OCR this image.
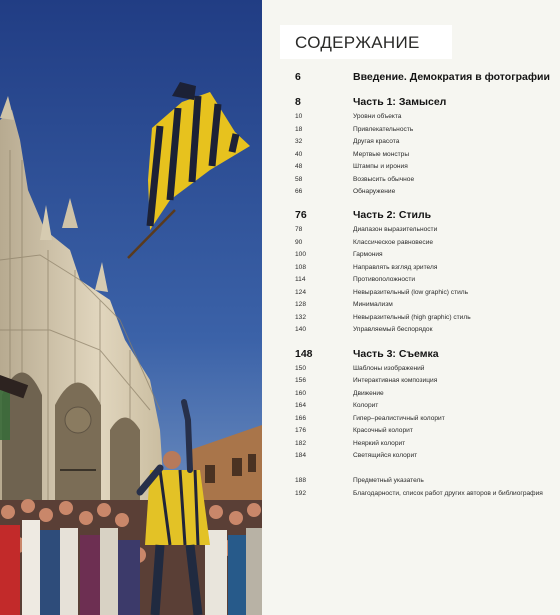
СОДЕРЖАНИЕ
6	Введение. Демократия в фотографии
8	Часть 1: Замысел
10	Уровни объекта
18	Привлекательность
32	Другая красота
40	Мертвые монстры
48	Штампы и ирония
58	Возвысить обычное
66	Обнаружение
76	Часть 2: Стиль
78	Диапазон выразительности
90	Классическое равновесие
100	Гармония
108	Направлять взгляд зрителя
114	Противоположности
124	Невыразительный (low graphic) стиль
128	Минимализм
132	Невыразительный (high graphic) стиль
140	Управляемый беспорядок
148	Часть 3: Съемка
150	Шаблоны изображений
156	Интерактивная композиция
160	Движение
164	Колорит
166	Гипер–реалистичный колорит
176	Красочный колорит
182	Неяркий колорит
184	Светящийся колорит
188	Предметный указатель
192	Благодарности, список работ других авторов и библиография
